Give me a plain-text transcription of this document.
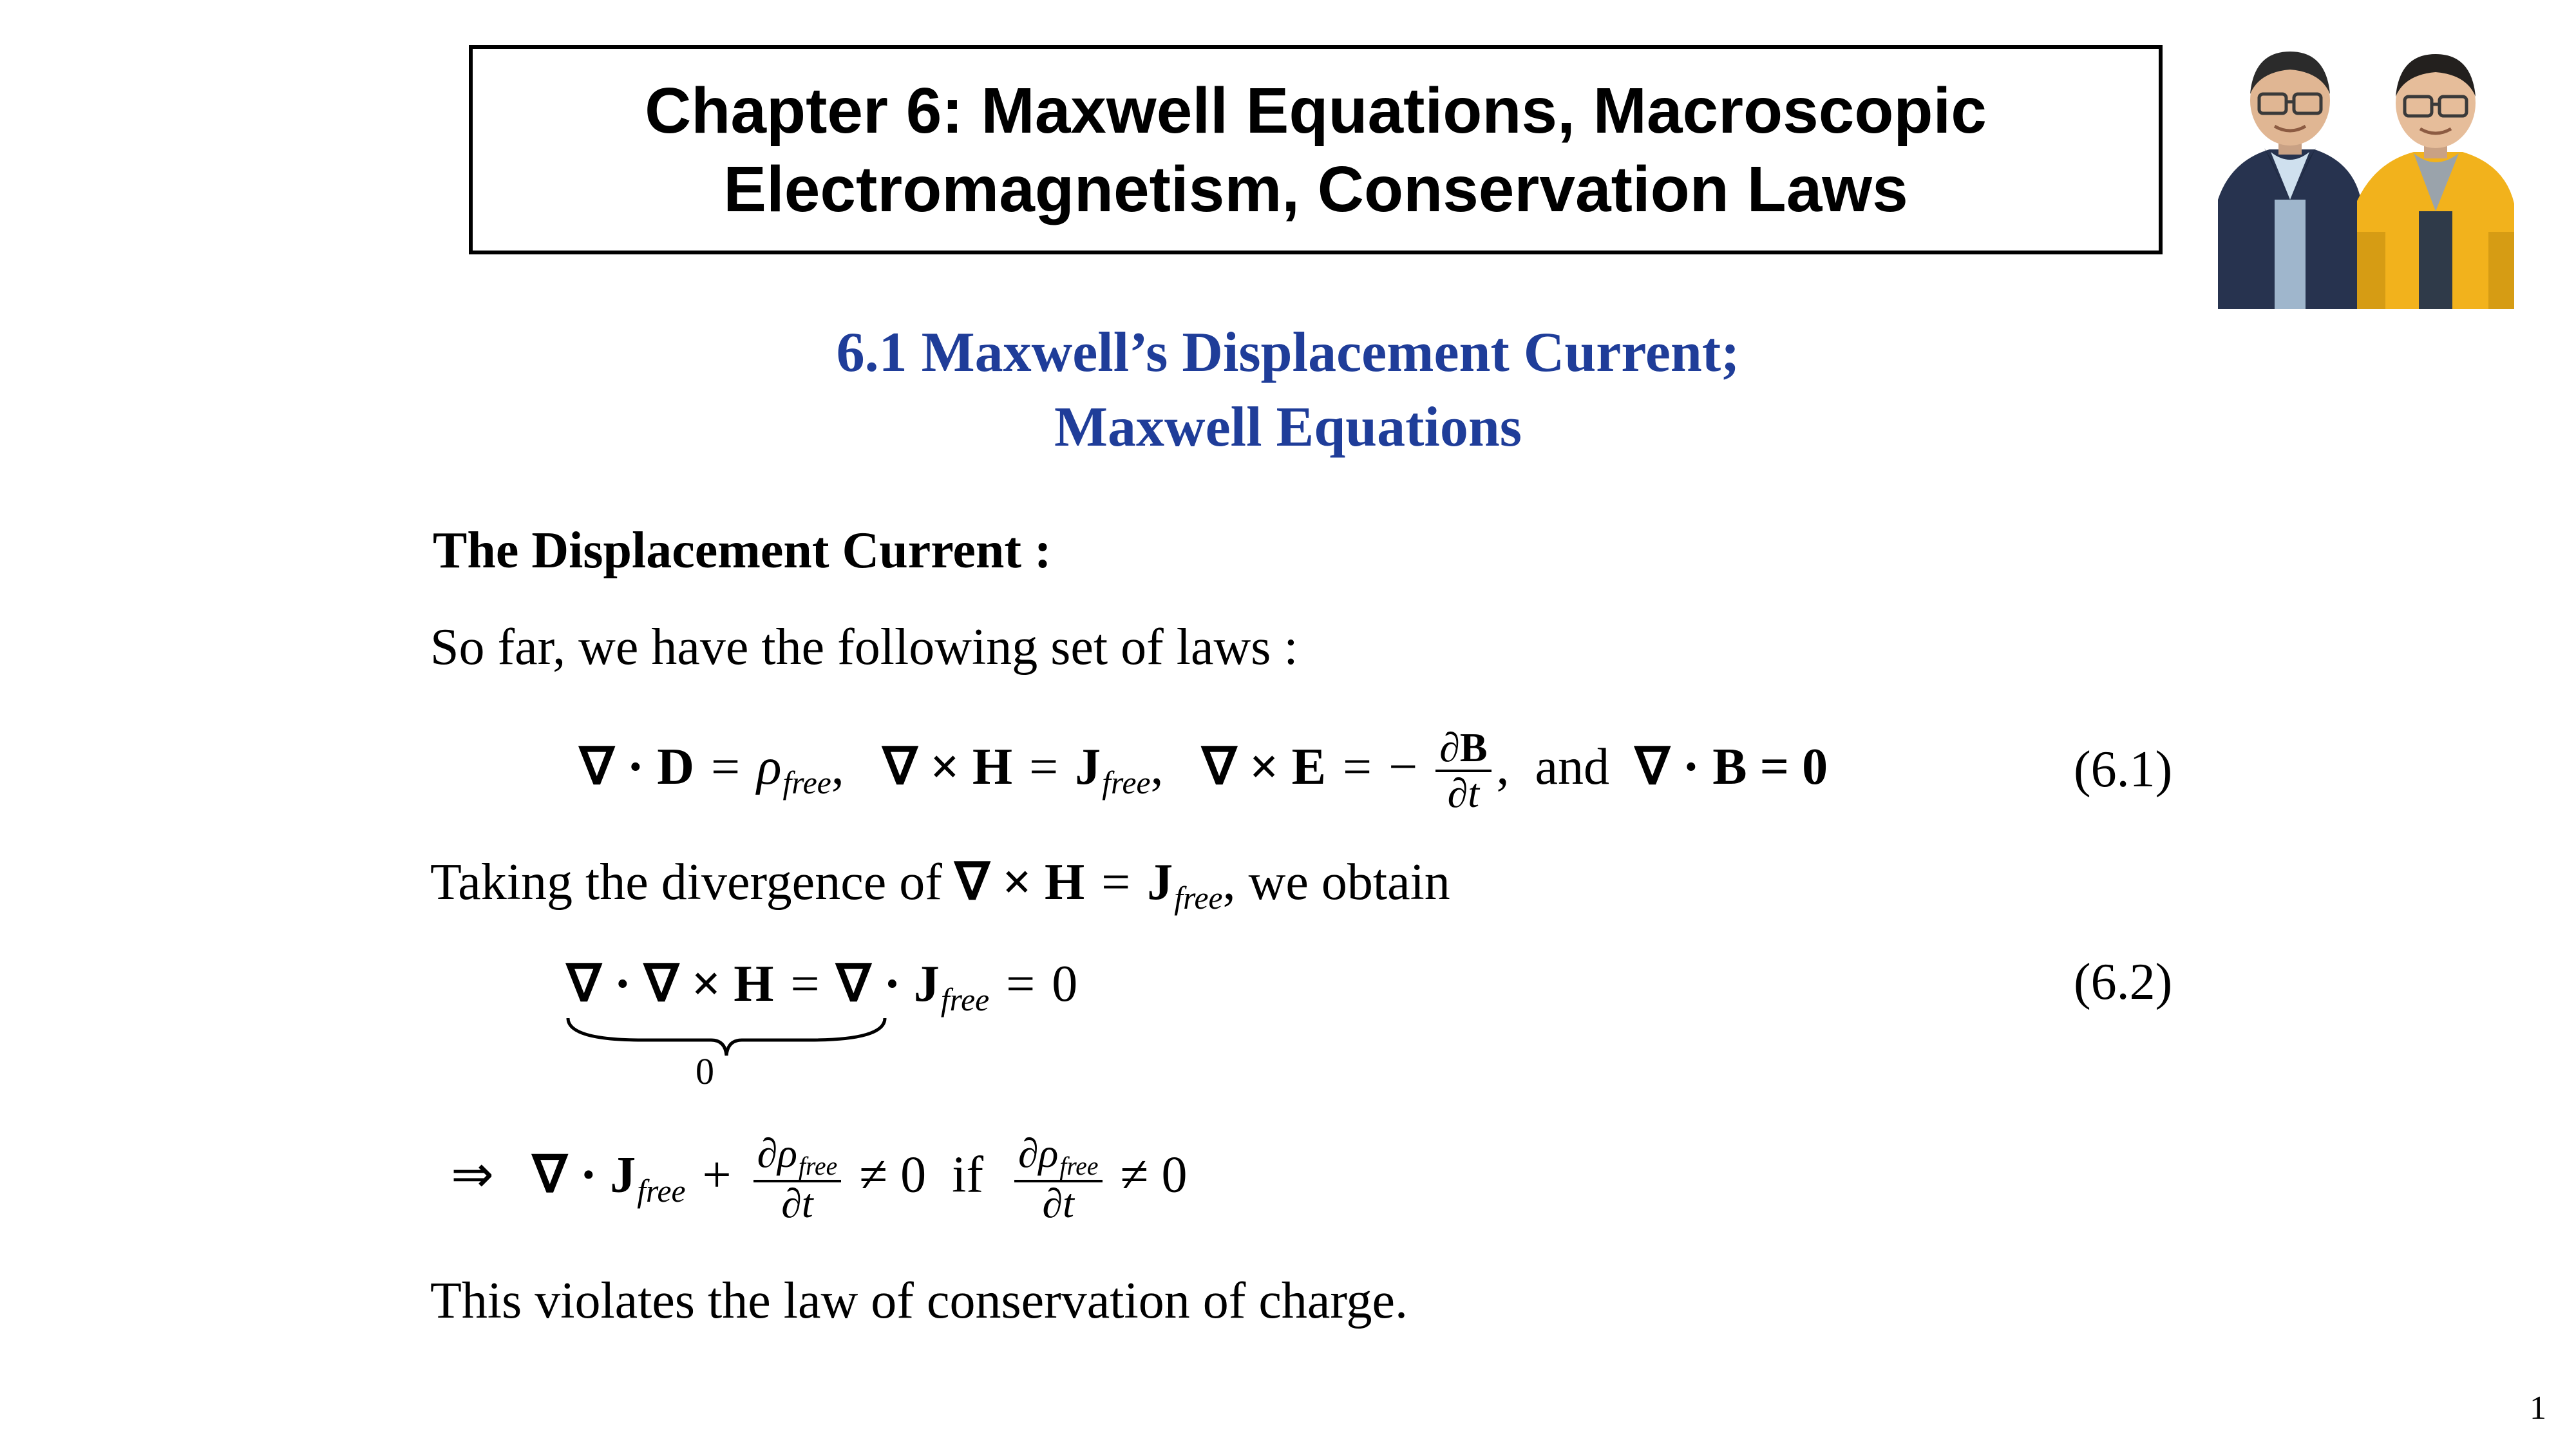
Chapter 6: Maxwell Equations, Macroscopic Electromagnetism, Conservation Laws
6.1 Maxwell’s Displacement Current;
Maxwell Equations
The Displacement Current :
So far, we have the following set of laws :
∇ · $D = \rho_{free}$, ∇ × $H = J_{free}$, ∇ × E = − $\frac{\partial B}{\partial t}$ , and ∇ · B = 0	(6.1)
Taking the divergence of ∇ × $H = J_{free}$, we obtain
∇ · ∇ × H = ∇ · $J_{free} = 0$
0
(6.2)
⇒ ∇ · $J_{free} + \frac{\partial\rho_{free}}{\partial t} \ne 0$ if $\frac{\partial\rho_{free}}{\partial t} \ne 0$
This violates the law of conservation of charge.
1
